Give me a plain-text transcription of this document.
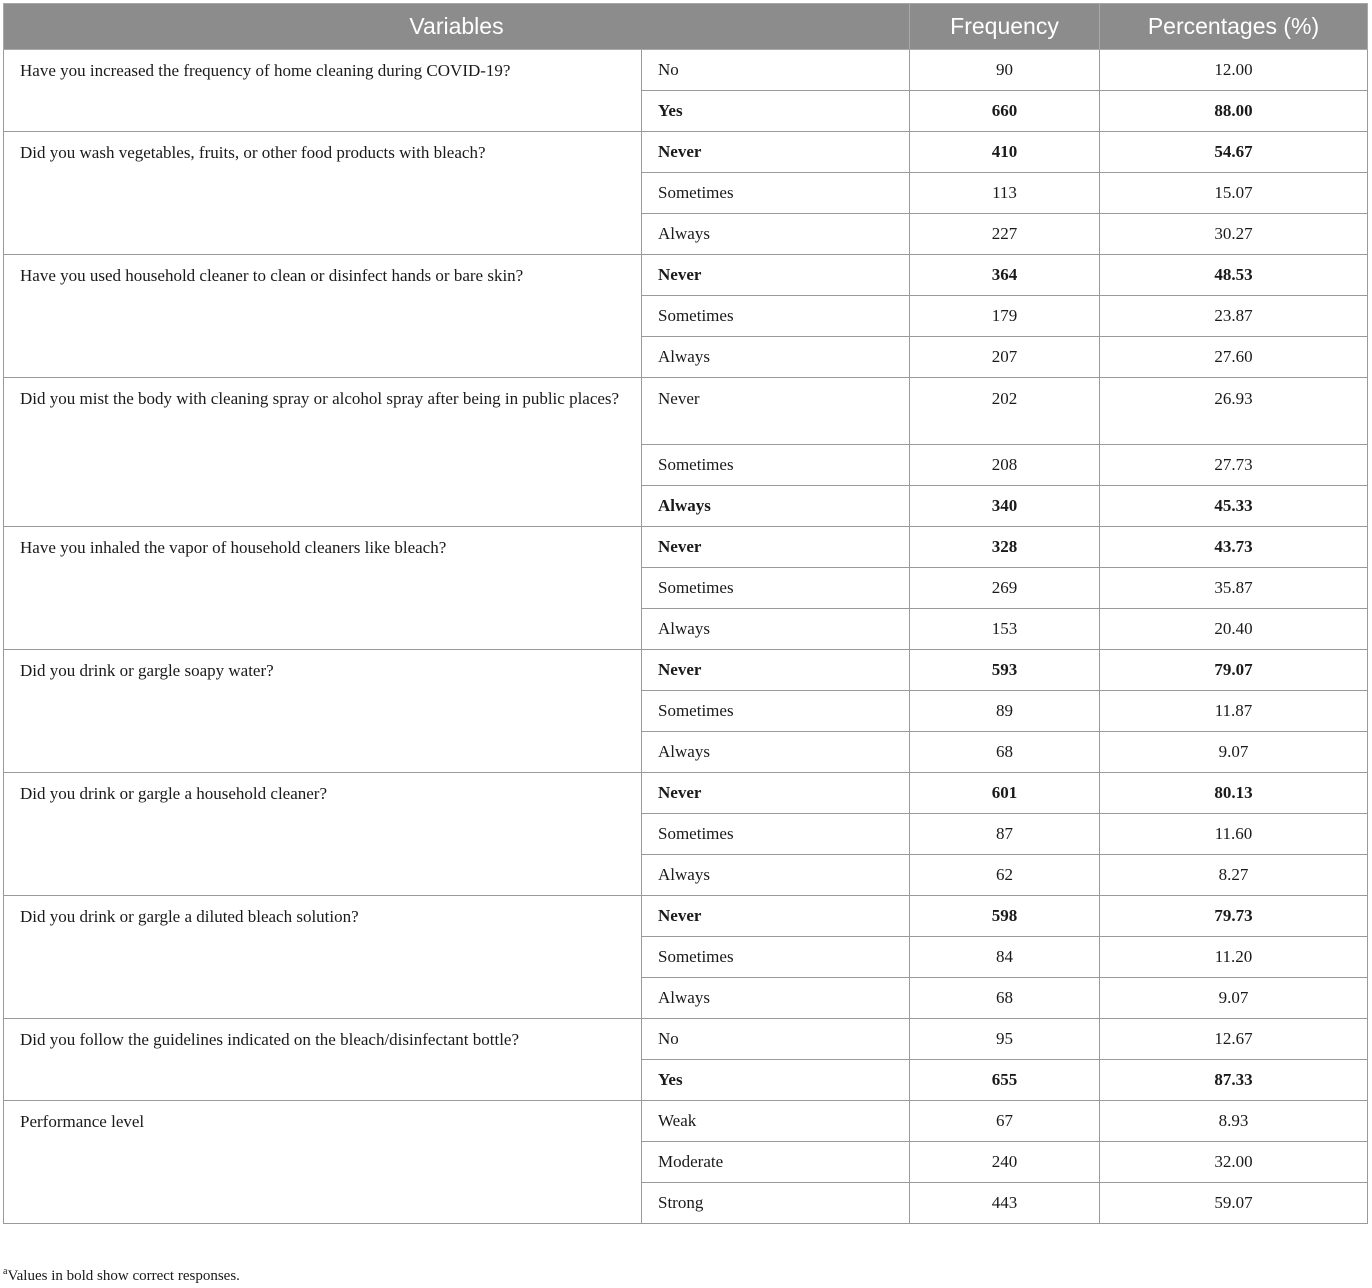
Variables		Frequency	Percentages (%)
Have you increased the frequency of home cleaning during COVID-19?	No	90	12.00
	Yes	660	88.00
Did you wash vegetables, fruits, or other food products with bleach?	Never	410	54.67
	Sometimes	113	15.07
	Always	227	30.27
Have you used household cleaner to clean or disinfect hands or bare skin?	Never	364	48.53
	Sometimes	179	23.87
	Always	207	27.60
Did you mist the body with cleaning spray or alcohol spray after being in public places?	Never	202	26.93
	Sometimes	208	27.73
	Always	340	45.33
Have you inhaled the vapor of household cleaners like bleach?	Never	328	43.73
	Sometimes	269	35.87
	Always	153	20.40
Did you drink or gargle soapy water?	Never	593	79.07
	Sometimes	89	11.87
	Always	68	9.07
Did you drink or gargle a household cleaner?	Never	601	80.13
	Sometimes	87	11.60
	Always	62	8.27
Did you drink or gargle a diluted bleach solution?	Never	598	79.73
	Sometimes	84	11.20
	Always	68	9.07
Did you follow the guidelines indicated on the bleach/disinfectant bottle?	No	95	12.67
	Yes	655	87.33
Performance level	Weak	67	8.93
	Moderate	240	32.00
	Strong	443	59.07
$^a$Values in bold show correct responses.
